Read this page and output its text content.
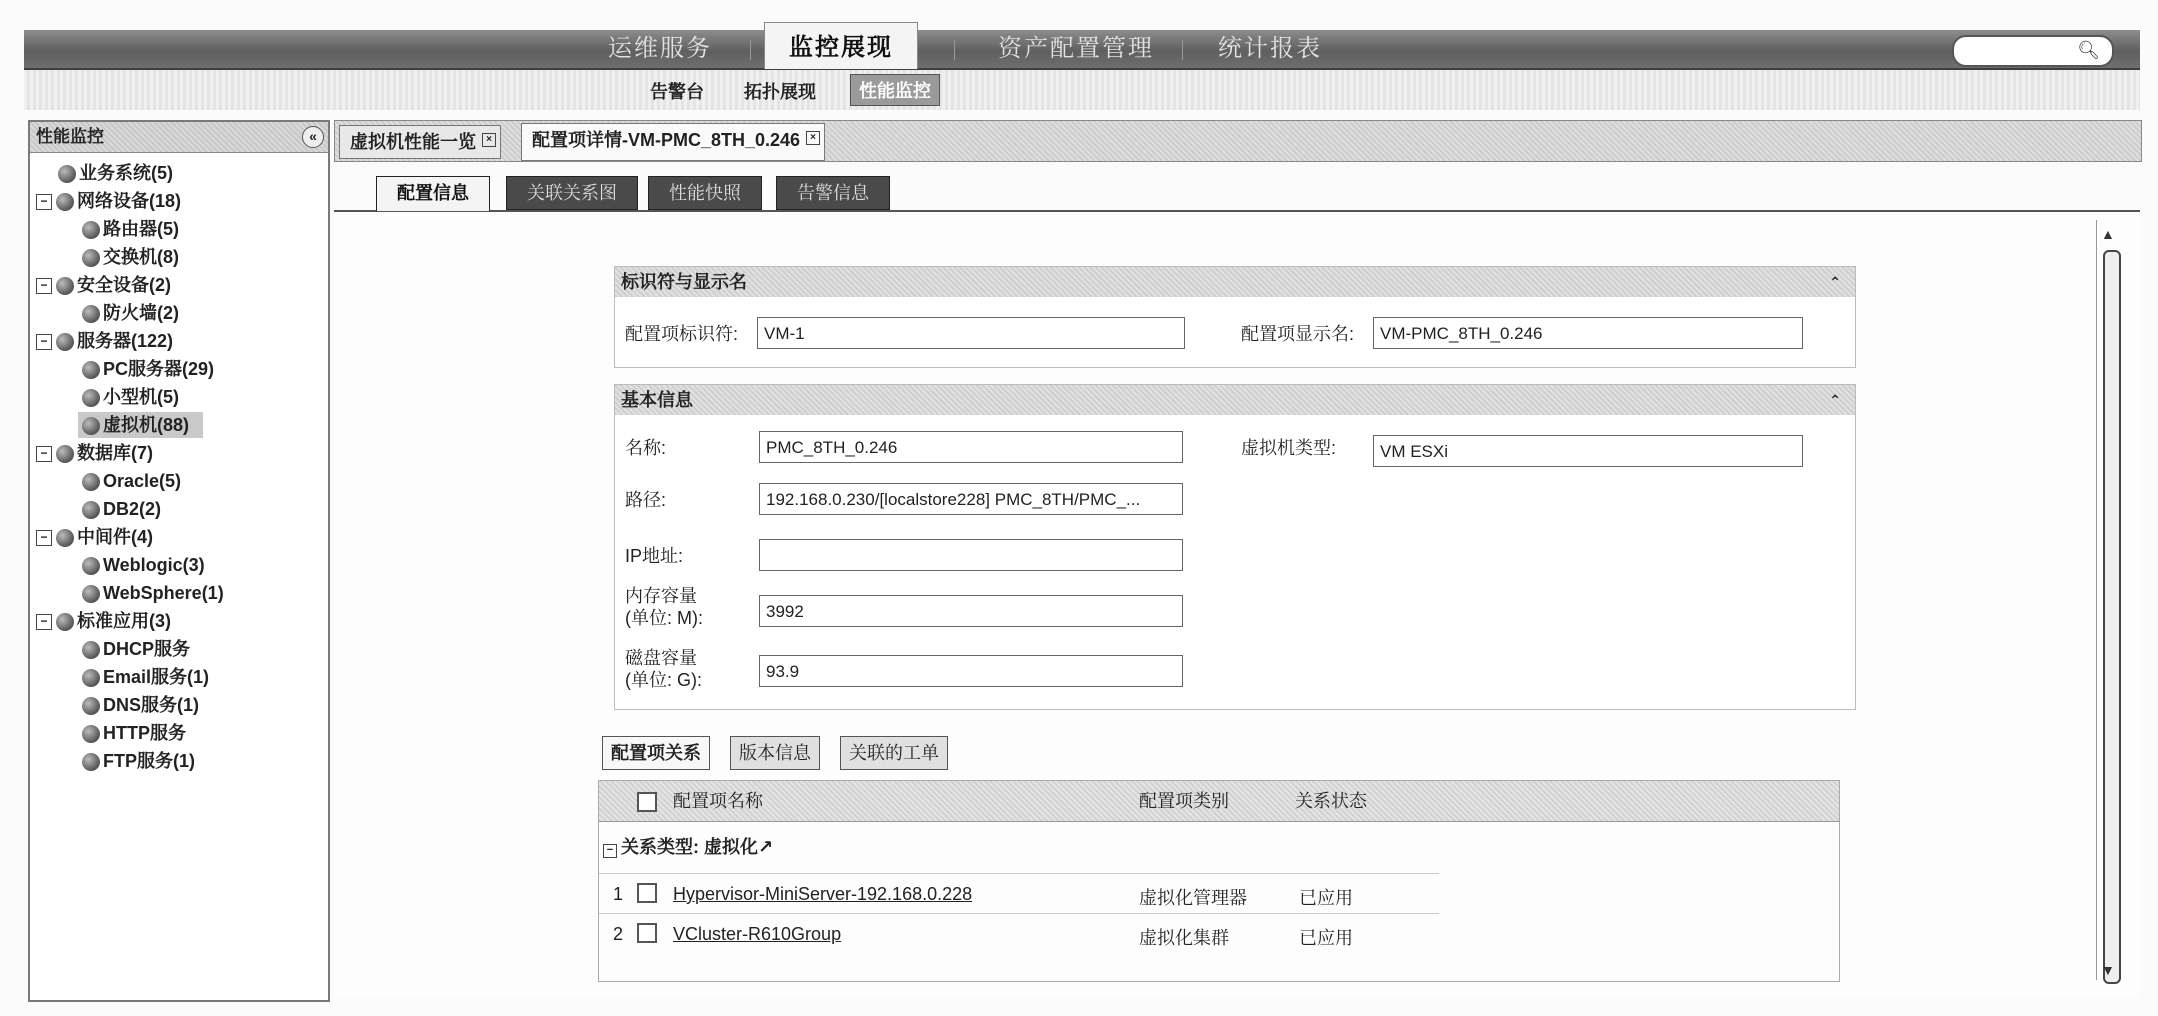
运维服务	监控展现	资产配置管理	统计报表	🔍︎
告警台 拓扑展现	性能监控
性能监控	«
业务系统(5)
− 网络设备(18)
路由器(5)
交换机(8)
− 安全设备(2)
防火墙(2)
− 服务器(122)
PC服务器(29)
小型机(5)
虚拟机(88)
− 数据库(7)
Oracle(5)
DB2(2)
− 中间件(4)
Weblogic(3)
WebSphere(1)
− 标准应用(3)
DHCP服务
Email服务(1)
DNS服务(1)
HTTP服务
FTP服务(1)
虚拟机性能一览	×	配置项详情-VM-PMC_8TH_0.246	×
配置信息	关联关系图	性能快照	告警信息
▲
▼
标识符与显示名	⌃
配置项标识符:	VM-1	配置项显示名:	VM-PMC_8TH_0.246
基本信息	⌃
名称:	PMC_8TH_0.246	虚拟机类型:	VM ESXi
路径:	192.168.0.230/[localstore228] PMC_8TH/PMC_...
IP地址:
内存容量
(单位: M):	3992
磁盘容量
(单位: G):	93.9
配置项关系	版本信息	关联的工单
配置项名称	配置项类别	关系状态
− 关系类型: 虚拟化↗
1	Hypervisor-MiniServer-192.168.0.228	虚拟化管理器	已应用
2	VCluster-R610Group	虚拟化集群	已应用
